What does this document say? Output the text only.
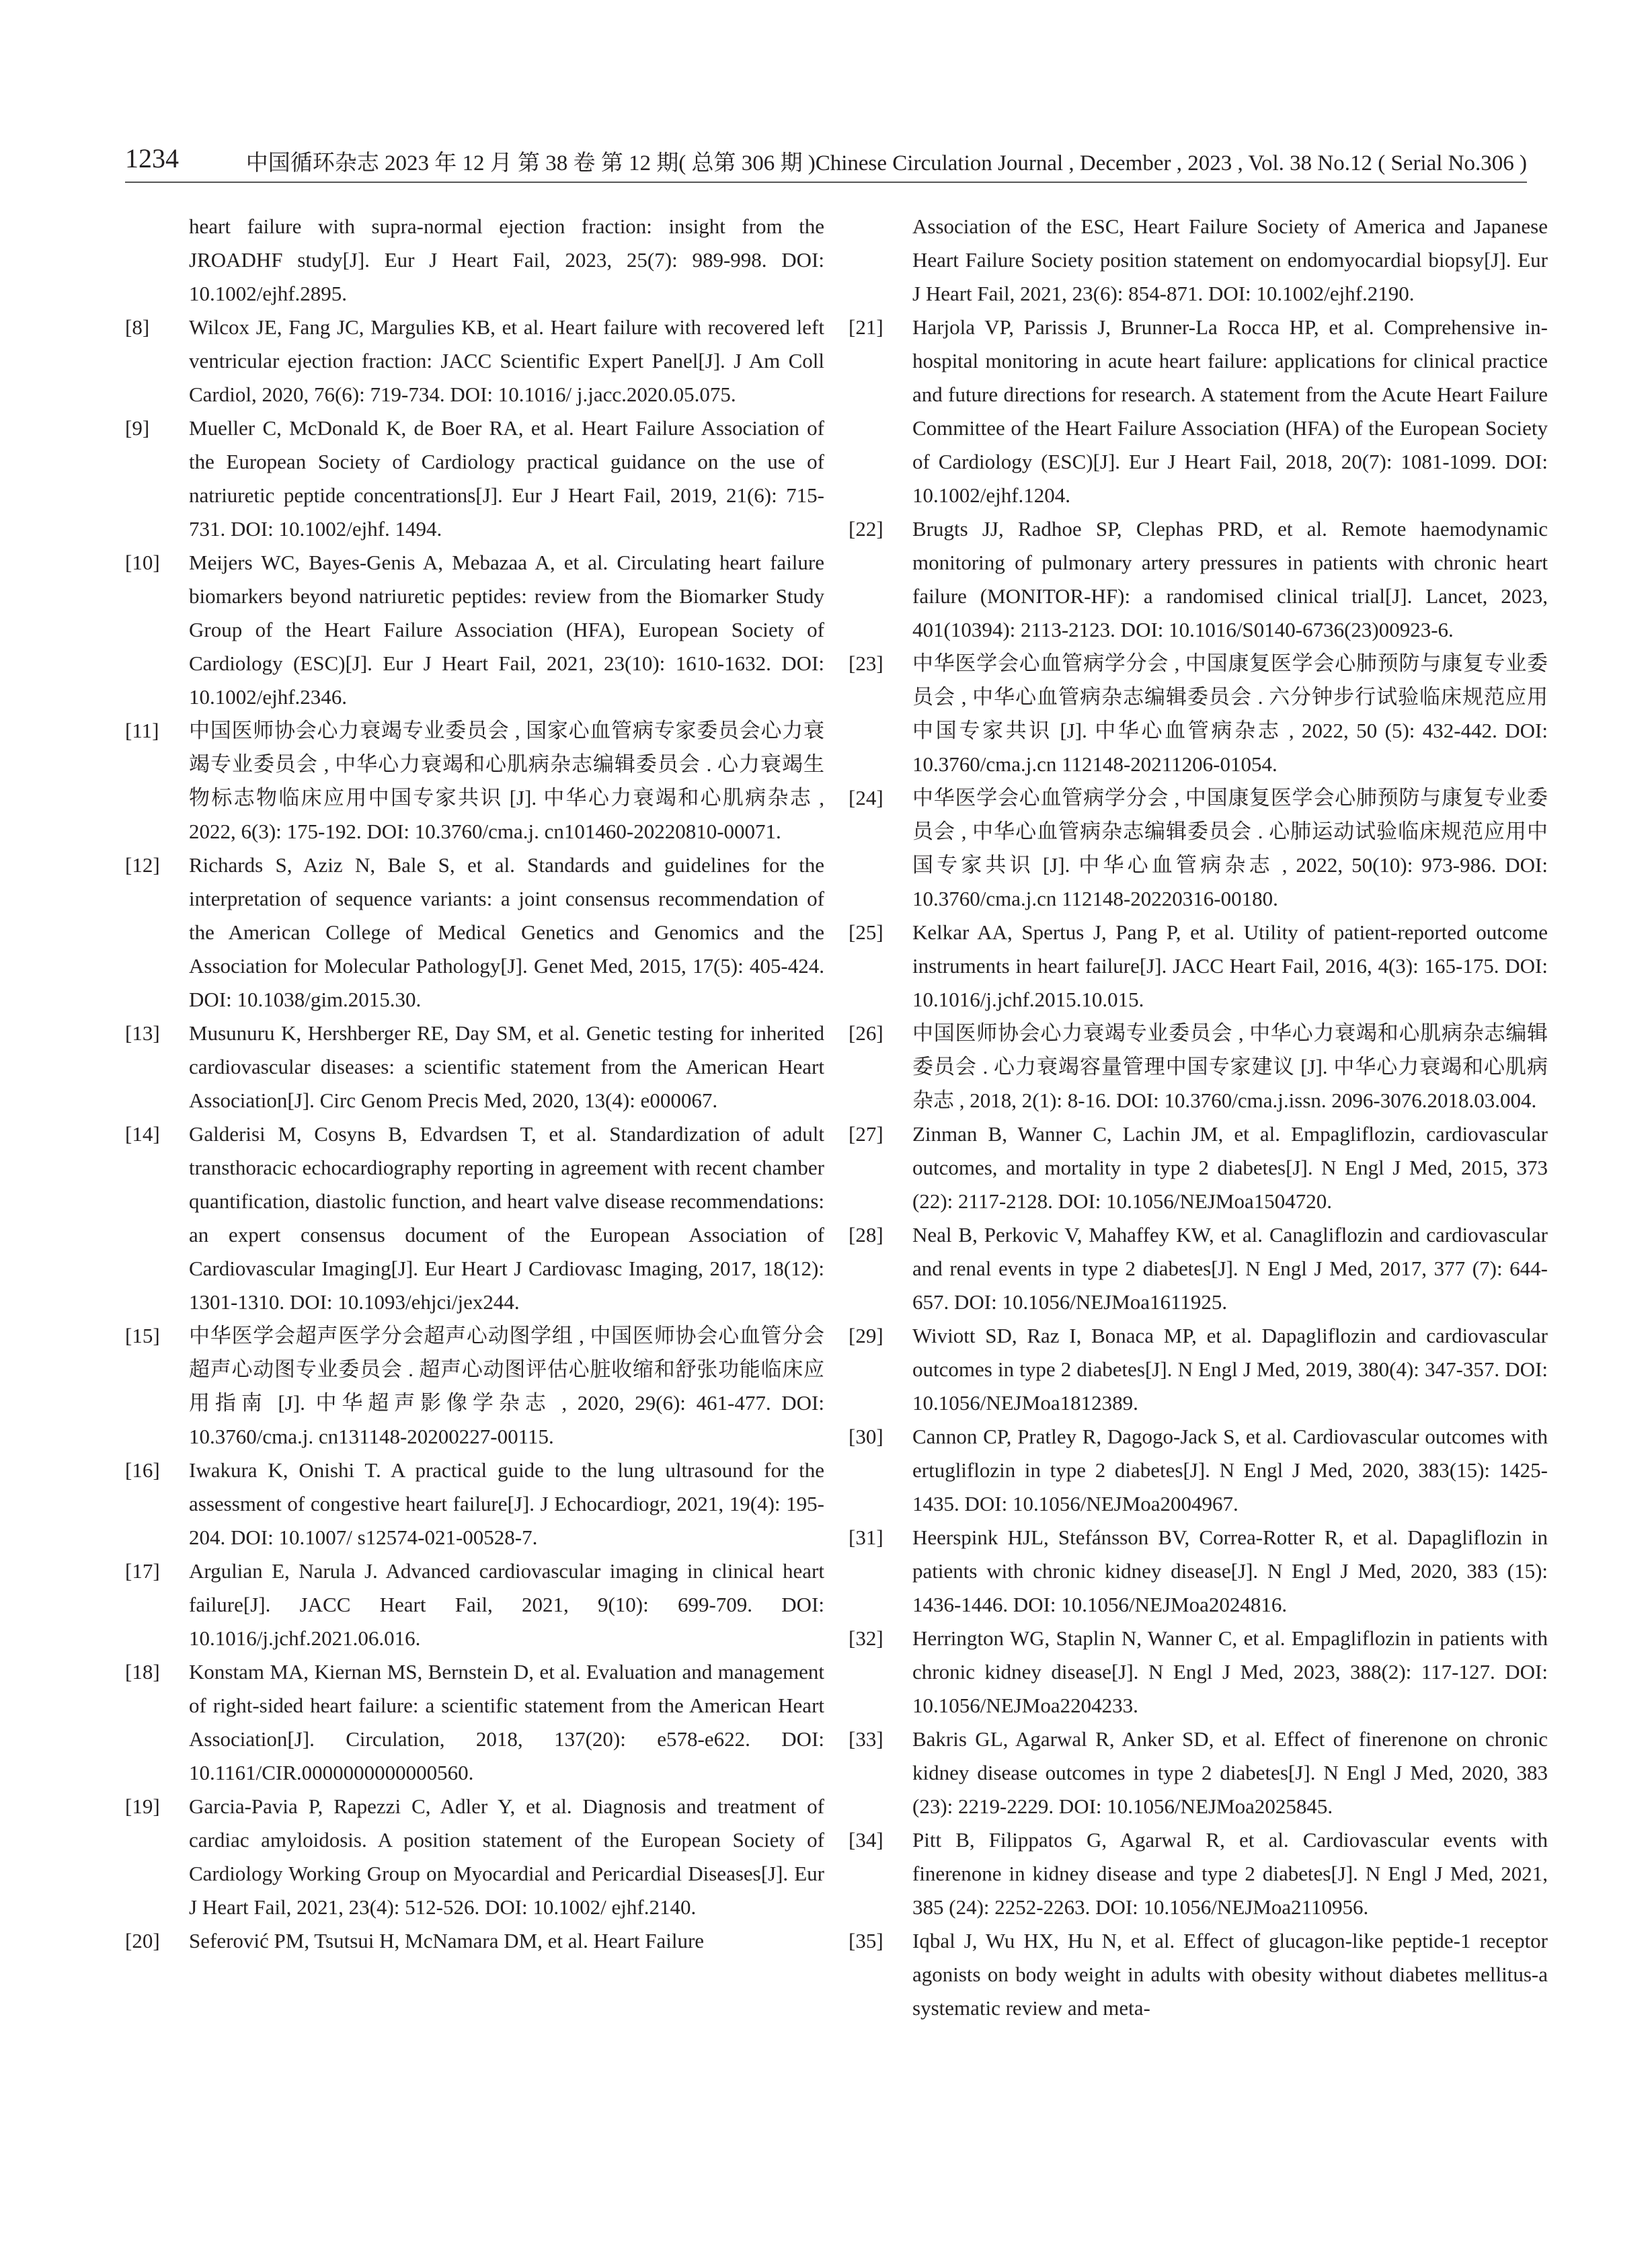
1234	中国循环杂志 2023 年 12 月 第 38 卷 第 12 期( 总第 306 期 )Chinese Circulation Journal , December , 2023 , Vol. 38 No.12 ( Serial No.306 )
heart failure with supra-normal ejection fraction: insight from the JROADHF study[J]. Eur J Heart Fail, 2023, 25(7): 989-998. DOI: 10.1002/ejhf.2895.
[8] Wilcox JE, Fang JC, Margulies KB, et al. Heart failure with recovered left ventricular ejection fraction: JACC Scientific Expert Panel[J]. J Am Coll Cardiol, 2020, 76(6): 719-734. DOI: 10.1016/ j.jacc.2020.05.075.
[9] Mueller C, McDonald K, de Boer RA, et al. Heart Failure Association of the European Society of Cardiology practical guidance on the use of natriuretic peptide concentrations[J]. Eur J Heart Fail, 2019, 21(6): 715-731. DOI: 10.1002/ejhf. 1494.
[10] Meijers WC, Bayes-Genis A, Mebazaa A, et al. Circulating heart failure biomarkers beyond natriuretic peptides: review from the Biomarker Study Group of the Heart Failure Association (HFA), European Society of Cardiology (ESC)[J]. Eur J Heart Fail, 2021, 23(10): 1610-1632. DOI: 10.1002/ejhf.2346.
[11] 中国医师协会心力衰竭专业委员会 , 国家心血管病专家委员会心力衰竭专业委员会 , 中华心力衰竭和心肌病杂志编辑委员会 . 心力衰竭生物标志物临床应用中国专家共识 [J]. 中华心力衰竭和心肌病杂志 , 2022, 6(3): 175-192. DOI: 10.3760/cma.j. cn101460-20220810-00071.
[12] Richards S, Aziz N, Bale S, et al. Standards and guidelines for the interpretation of sequence variants: a joint consensus recommendation of the American College of Medical Genetics and Genomics and the Association for Molecular Pathology[J]. Genet Med, 2015, 17(5): 405-424. DOI: 10.1038/gim.2015.30.
[13] Musunuru K, Hershberger RE, Day SM, et al. Genetic testing for inherited cardiovascular diseases: a scientific statement from the American Heart Association[J]. Circ Genom Precis Med, 2020, 13(4): e000067.
[14] Galderisi M, Cosyns B, Edvardsen T, et al. Standardization of adult transthoracic echocardiography reporting in agreement with recent chamber quantification, diastolic function, and heart valve disease recommendations: an expert consensus document of the European Association of Cardiovascular Imaging[J]. Eur Heart J Cardiovasc Imaging, 2017, 18(12): 1301-1310. DOI: 10.1093/ehjci/jex244.
[15] 中华医学会超声医学分会超声心动图学组 , 中国医师协会心血管分会超声心动图专业委员会 . 超声心动图评估心脏收缩和舒张功能临床应用指南 [J]. 中华超声影像学杂志 , 2020, 29(6): 461-477. DOI: 10.3760/cma.j. cn131148-20200227-00115.
[16] Iwakura K, Onishi T. A practical guide to the lung ultrasound for the assessment of congestive heart failure[J]. J Echocardiogr, 2021, 19(4): 195-204. DOI: 10.1007/ s12574-021-00528-7.
[17] Argulian E, Narula J. Advanced cardiovascular imaging in clinical heart failure[J]. JACC Heart Fail, 2021, 9(10): 699-709. DOI: 10.1016/j.jchf.2021.06.016.
[18] Konstam MA, Kiernan MS, Bernstein D, et al. Evaluation and management of right-sided heart failure: a scientific statement from the American Heart Association[J]. Circulation, 2018, 137(20): e578-e622. DOI: 10.1161/CIR.0000000000000560.
[19] Garcia-Pavia P, Rapezzi C, Adler Y, et al. Diagnosis and treatment of cardiac amyloidosis. A position statement of the European Society of Cardiology Working Group on Myocardial and Pericardial Diseases[J]. Eur J Heart Fail, 2021, 23(4): 512-526. DOI: 10.1002/ ejhf.2140.
[20] Seferović PM, Tsutsui H, McNamara DM, et al. Heart Failure
Association of the ESC, Heart Failure Society of America and Japanese Heart Failure Society position statement on endomyocardial biopsy[J]. Eur J Heart Fail, 2021, 23(6): 854-871. DOI: 10.1002/ejhf.2190.
[21] Harjola VP, Parissis J, Brunner-La Rocca HP, et al. Comprehensive in-hospital monitoring in acute heart failure: applications for clinical practice and future directions for research. A statement from the Acute Heart Failure Committee of the Heart Failure Association (HFA) of the European Society of Cardiology (ESC)[J]. Eur J Heart Fail, 2018, 20(7): 1081-1099. DOI: 10.1002/ejhf.1204.
[22] Brugts JJ, Radhoe SP, Clephas PRD, et al. Remote haemodynamic monitoring of pulmonary artery pressures in patients with chronic heart failure (MONITOR-HF): a randomised clinical trial[J]. Lancet, 2023, 401(10394): 2113-2123. DOI: 10.1016/S0140-6736(23)00923-6.
[23] 中华医学会心血管病学分会 , 中国康复医学会心肺预防与康复专业委员会 , 中华心血管病杂志编辑委员会 . 六分钟步行试验临床规范应用中国专家共识 [J]. 中华心血管病杂志 , 2022, 50 (5): 432-442. DOI: 10.3760/cma.j.cn 112148-20211206-01054.
[24] 中华医学会心血管病学分会 , 中国康复医学会心肺预防与康复专业委员会 , 中华心血管病杂志编辑委员会 . 心肺运动试验临床规范应用中国专家共识 [J]. 中华心血管病杂志 , 2022, 50(10): 973-986. DOI: 10.3760/cma.j.cn 112148-20220316-00180.
[25] Kelkar AA, Spertus J, Pang P, et al. Utility of patient-reported outcome instruments in heart failure[J]. JACC Heart Fail, 2016, 4(3): 165-175. DOI: 10.1016/j.jchf.2015.10.015.
[26] 中国医师协会心力衰竭专业委员会 , 中华心力衰竭和心肌病杂志编辑委员会 . 心力衰竭容量管理中国专家建议 [J]. 中华心力衰竭和心肌病杂志 , 2018, 2(1): 8-16. DOI: 10.3760/cma.j.issn. 2096-3076.2018.03.004.
[27] Zinman B, Wanner C, Lachin JM, et al. Empagliflozin, cardiovascular outcomes, and mortality in type 2 diabetes[J]. N Engl J Med, 2015, 373 (22): 2117-2128. DOI: 10.1056/NEJMoa1504720.
[28] Neal B, Perkovic V, Mahaffey KW, et al. Canagliflozin and cardiovascular and renal events in type 2 diabetes[J]. N Engl J Med, 2017, 377 (7): 644-657. DOI: 10.1056/NEJMoa1611925.
[29] Wiviott SD, Raz I, Bonaca MP, et al. Dapagliflozin and cardiovascular outcomes in type 2 diabetes[J]. N Engl J Med, 2019, 380(4): 347-357. DOI: 10.1056/NEJMoa1812389.
[30] Cannon CP, Pratley R, Dagogo-Jack S, et al. Cardiovascular outcomes with ertugliflozin in type 2 diabetes[J]. N Engl J Med, 2020, 383(15): 1425-1435. DOI: 10.1056/NEJMoa2004967.
[31] Heerspink HJL, Stefánsson BV, Correa-Rotter R, et al. Dapagliflozin in patients with chronic kidney disease[J]. N Engl J Med, 2020, 383 (15): 1436-1446. DOI: 10.1056/NEJMoa2024816.
[32] Herrington WG, Staplin N, Wanner C, et al. Empagliflozin in patients with chronic kidney disease[J]. N Engl J Med, 2023, 388(2): 117-127. DOI: 10.1056/NEJMoa2204233.
[33] Bakris GL, Agarwal R, Anker SD, et al. Effect of finerenone on chronic kidney disease outcomes in type 2 diabetes[J]. N Engl J Med, 2020, 383 (23): 2219-2229. DOI: 10.1056/NEJMoa2025845.
[34] Pitt B, Filippatos G, Agarwal R, et al. Cardiovascular events with finerenone in kidney disease and type 2 diabetes[J]. N Engl J Med, 2021, 385 (24): 2252-2263. DOI: 10.1056/NEJMoa2110956.
[35] Iqbal J, Wu HX, Hu N, et al. Effect of glucagon-like peptide-1 receptor agonists on body weight in adults with obesity without diabetes mellitus-a systematic review and meta-
